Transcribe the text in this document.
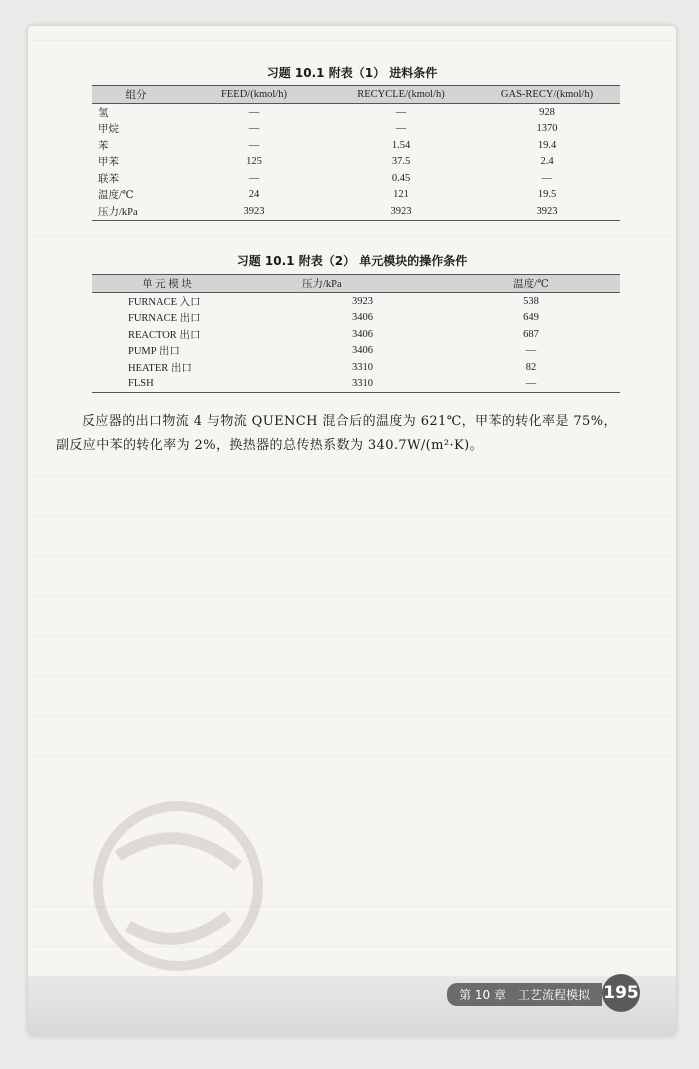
习题 10.1 附表（1） 进料条件
组分	FEED/(kmol/h)	RECYCLE/(kmol/h)	GAS-RECY/(kmol/h)
氢	—	—	928
甲烷	—	—	1370
苯	—	1.54	19.4
甲苯	125	37.5	2.4
联苯	—	0.45	—
温度/℃	24	121	19.5
压力/kPa	3923	3923	3923
习题 10.1 附表（2） 单元模块的操作条件
单 元 模 块	压力/kPa	温度/℃
FURNACE 入口	3923	538
FURNACE 出口	3406	649
REACTOR 出口	3406	687
PUMP 出口	3406	—
HEATER 出口	3310	82
FLSH	3310	—
反应器的出口物流 4 与物流 QUENCH 混合后的温度为 621℃，甲苯的转化率是 75%，
副反应中苯的转化率为 2%，换热器的总传热系数为 340.7W/(m²·K)。
第 10 章　工艺流程模拟 195
